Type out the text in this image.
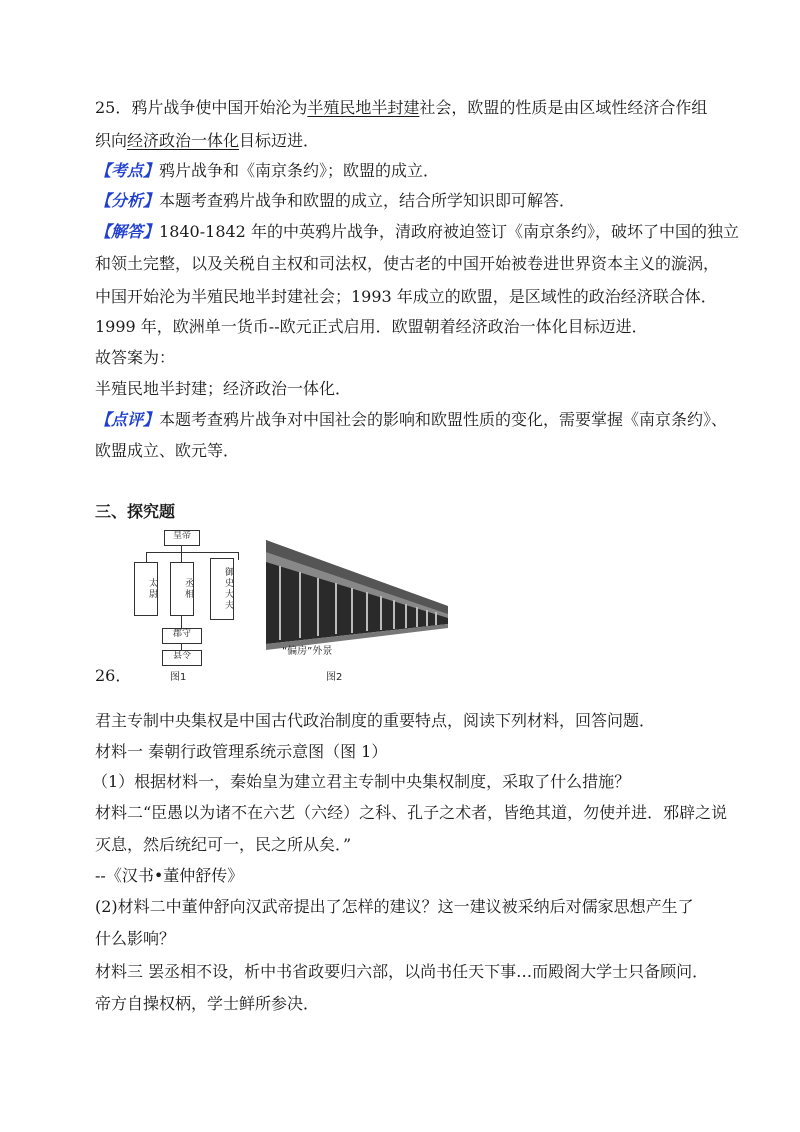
25．鸦片战争使中国开始沦为半殖民地半封建社会，欧盟的性质是由区域性经济合作组
织向经济政治一体化目标迈进．
【考点】鸦片战争和《南京条约》；欧盟的成立．
【分析】本题考查鸦片战争和欧盟的成立，结合所学知识即可解答．
【解答】1840-1842 年的中英鸦片战争，清政府被迫签订《南京条约》，破坏了中国的独立
和领土完整，以及关税自主权和司法权，使古老的中国开始被卷进世界资本主义的漩涡，
中国开始沦为半殖民地半封建社会；1993 年成立的欧盟，是区域性的政治经济联合体．
1999 年，欧洲单一货币--欧元正式启用．欧盟朝着经济政治一体化目标迈进．
故答案为：
半殖民地半封建；经济政治一体化．
【点评】本题考查鸦片战争对中国社会的影响和欧盟性质的变化，需要掌握《南京条约》、
欧盟成立、欧元等．
三、探究题
皇帝
太尉	丞相	御史大夫
郡守
县令
图1
“偏房”外景
图2
26．
君主专制中央集权是中国古代政治制度的重要特点，阅读下列材料，回答问题．
材料一 秦朝行政管理系统示意图（图 1）
（1）根据材料一，秦始皇为建立君主专制中央集权制度，采取了什么措施？
材料二“臣愚以为诸不在六艺（六经）之科、孔子之术者，皆绝其道，勿使并进．邪辟之说
灭息，然后统纪可一，民之所从矣．”
--《汉书•董仲舒传》
(2)材料二中董仲舒向汉武帝提出了怎样的建议？这一建议被采纳后对儒家思想产生了
什么影响？
材料三 罢丞相不设，析中书省政要归六部，以尚书任天下事…而殿阁大学士只备顾问．
帝方自操权柄，学士鲜所参决．
